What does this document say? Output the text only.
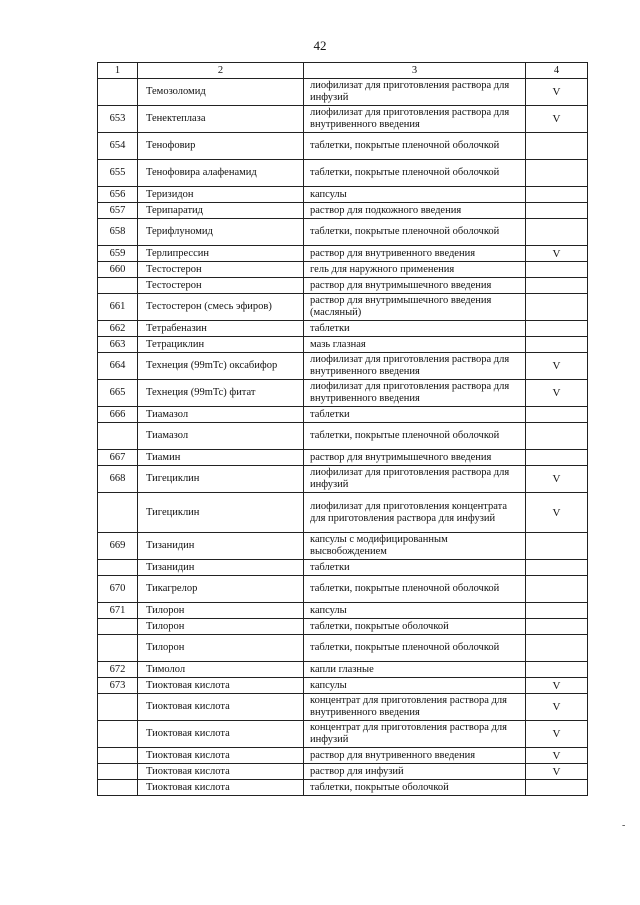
42
1	2	3	4
	Темозоломид	лиофилизат для приготовления раствора для инфузий	V
653	Тенектеплаза	лиофилизат для приготовления раствора для внутривенного введения	V
654	Тенофовир	таблетки, покрытые пленочной оболочкой	
655	Тенофовира алафенамид	таблетки, покрытые пленочной оболочкой	
656	Теризидон	капсулы	
657	Терипаратид	раствор для подкожного введения	
658	Терифлуномид	таблетки, покрытые пленочной оболочкой	
659	Терлипрессин	раствор для внутривенного введения	V
660	Тестостерон	гель для наружного применения	
	Тестостерон	раствор для внутримышечного введения	
661	Тестостерон (смесь эфиров)	раствор для внутримышечного введения (масляный)	
662	Тетрабеназин	таблетки	
663	Тетрациклин	мазь глазная	
664	Технеция (99mTc) оксабифор	лиофилизат для приготовления раствора для внутривенного введения	V
665	Технеция (99mTc) фитат	лиофилизат для приготовления раствора для внутривенного введения	V
666	Тиамазол	таблетки	
	Тиамазол	таблетки, покрытые пленочной оболочкой	
667	Тиамин	раствор для внутримышечного введения	
668	Тигециклин	лиофилизат для приготовления раствора для инфузий	V
	Тигециклин	лиофилизат для приготовления концентрата для приготовления раствора для инфузий	V
669	Тизанидин	капсулы с модифицированным высвобождением	
	Тизанидин	таблетки	
670	Тикагрелор	таблетки, покрытые пленочной оболочкой	
671	Тилорон	капсулы	
	Тилорон	таблетки, покрытые оболочкой	
	Тилорон	таблетки, покрытые пленочной оболочкой	
672	Тимолол	капли глазные	
673	Тиоктовая кислота	капсулы	V
	Тиоктовая кислота	концентрат для приготовления раствора для внутривенного введения	V
	Тиоктовая кислота	концентрат для приготовления раствора для инфузий	V
	Тиоктовая кислота	раствор для внутривенного введения	V
	Тиоктовая кислота	раствор для инфузий	V
	Тиоктовая кислота	таблетки, покрытые оболочкой	
-
